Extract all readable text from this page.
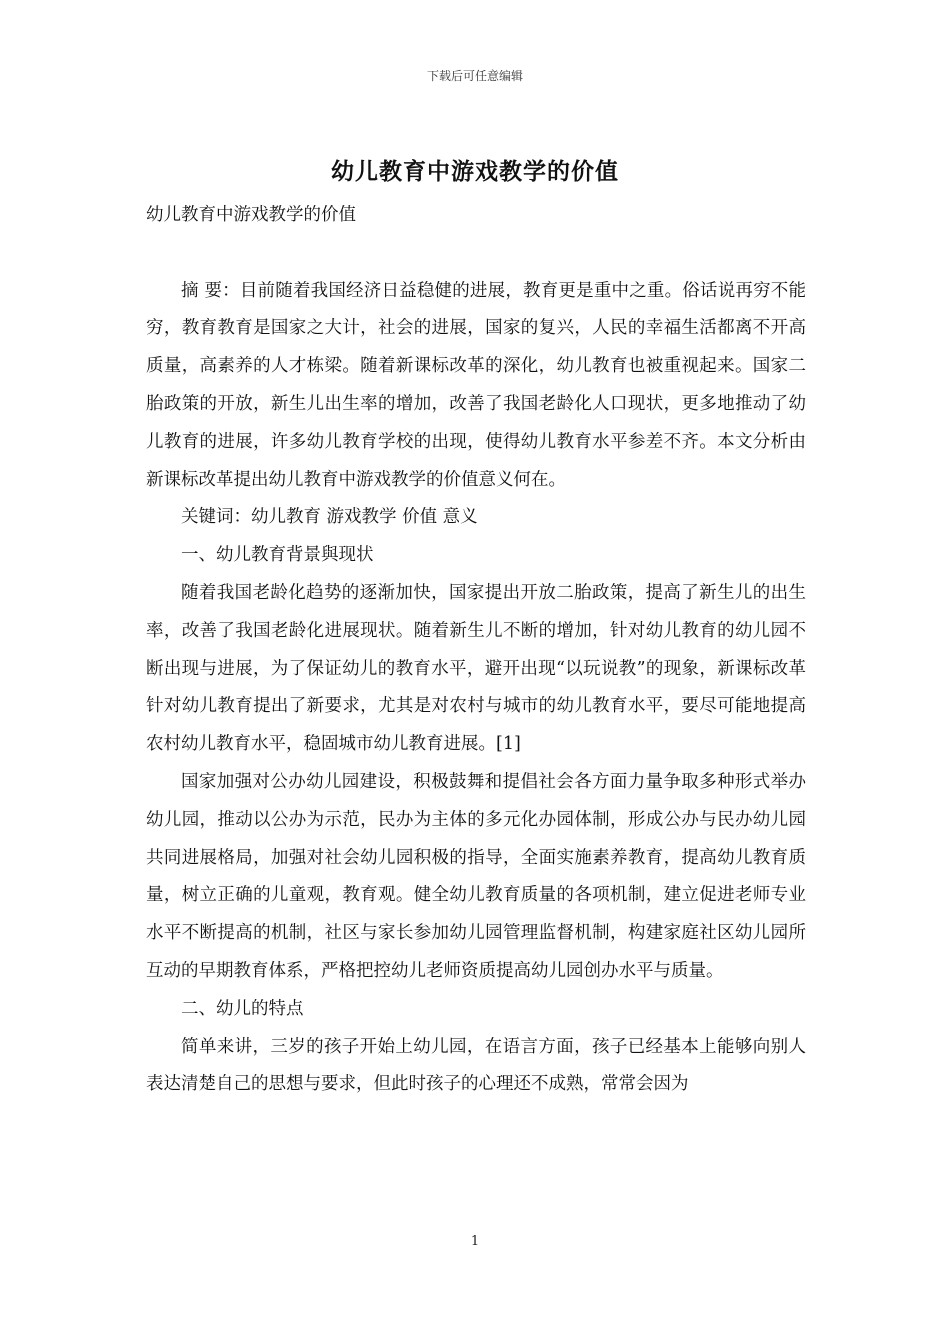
下载后可任意编辑
幼儿教育中游戏教学的价值

幼儿教育中游戏教学的价值

摘 要：目前随着我国经济日益稳健的进展，教育更是重中之重。俗话说再穷不能穷，教育教育是国家之大计，社会的进展，国家的复兴，人民的幸福生活都离不开高质量，高素养的人才栋梁。随着新课标改革的深化，幼儿教育也被重视起来。国家二胎政策的开放，新生儿出生率的增加，改善了我国老龄化人口现状，更多地推动了幼儿教育的进展，许多幼儿教育学校的出现，使得幼儿教育水平参差不齐。本文分析由新课标改革提出幼儿教育中游戏教学的价值意义何在。

关键词：幼儿教育 游戏教学 价值 意义

一、幼儿教育背景與现状

随着我国老龄化趋势的逐渐加快，国家提出开放二胎政策，提高了新生儿的出生率，改善了我国老龄化进展现状。随着新生儿不断的增加，针对幼儿教育的幼儿园不断出现与进展，为了保证幼儿的教育水平，避开出现“以玩说教”的现象，新课标改革针对幼儿教育提出了新要求，尤其是对农村与城市的幼儿教育水平，要尽可能地提高农村幼儿教育水平，稳固城市幼儿教育进展。[1]

国家加强对公办幼儿园建设，积极鼓舞和提倡社会各方面力量争取多种形式举办幼儿园，推动以公办为示范，民办为主体的多元化办园体制，形成公办与民办幼儿园共同进展格局，加强对社会幼儿园积极的指导，全面实施素养教育，提高幼儿教育质量，树立正确的儿童观，教育观。健全幼儿教育质量的各项机制，建立促进老师专业水平不断提高的机制，社区与家长参加幼儿园管理监督机制，构建家庭社区幼儿园所互动的早期教育体系，严格把控幼儿老师资质提高幼儿园创办水平与质量。

二、幼儿的特点

简单来讲，三岁的孩子开始上幼儿园，在语言方面，孩子已经基本上能够向别人表达清楚自己的思想与要求，但此时孩子的心理还不成熟，常常会因为

1
